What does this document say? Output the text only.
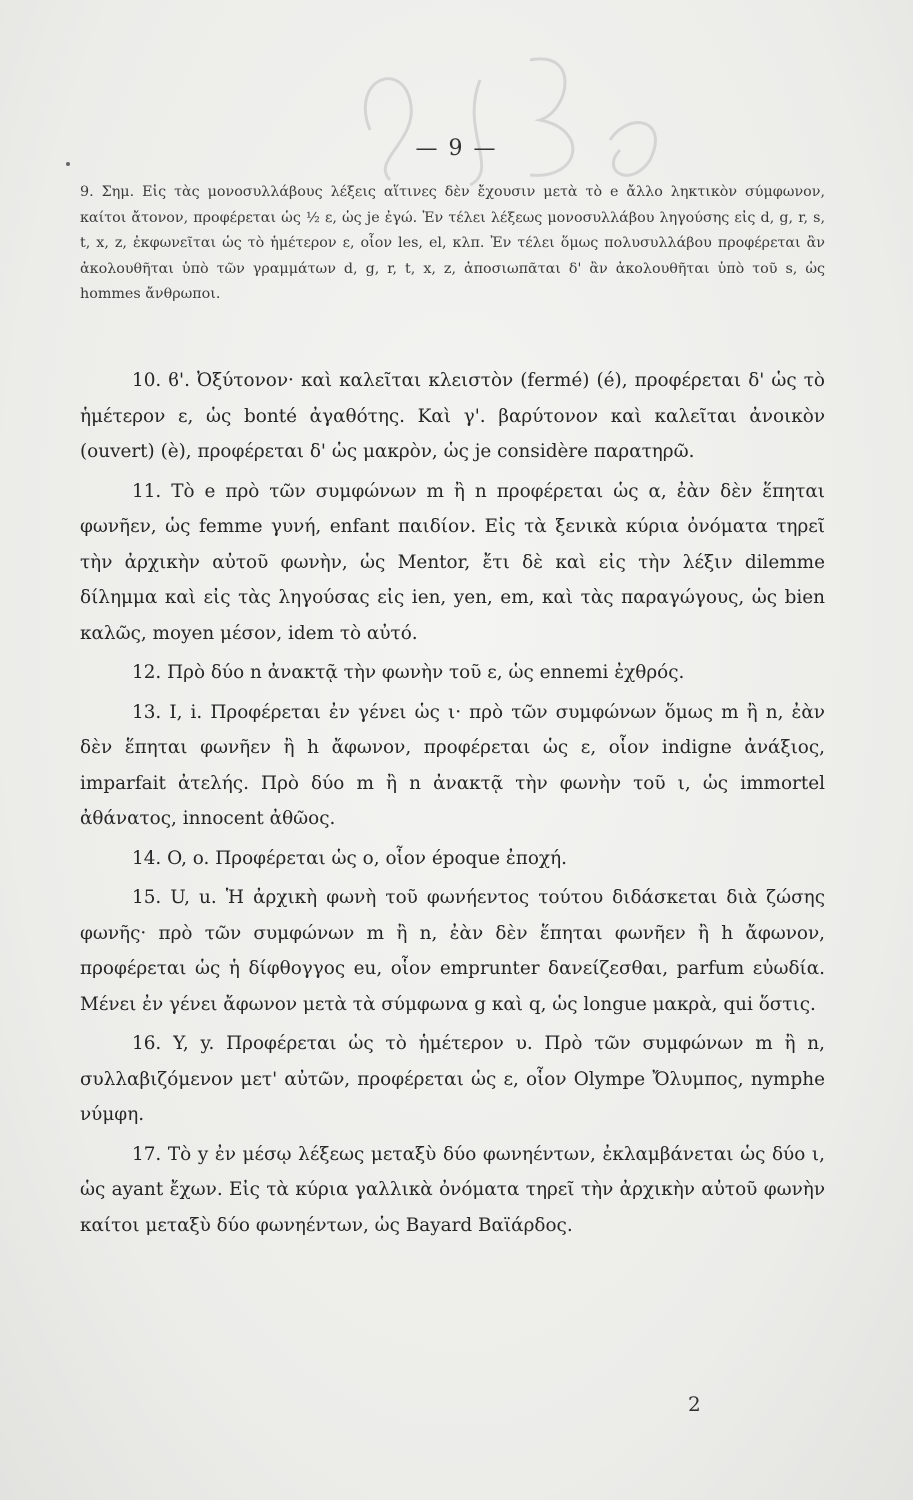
— 9 —

9. Σημ. Εἰς τὰς μονοσυλλάβους λέξεις αἵτινες δὲν ἔχουσιν μετὰ τὸ e ἄλλο ληκτικὸν σύμφωνον, καίτοι ἄτονον, προφέρεται ὡς ½ ε, ὡς je ἐγώ. Ἐν τέλει λέξεως μονοσυλλάβου ληγούσης εἰς d, g, r, s, t, x, z, ἐκφωνεῖται ὡς τὸ ἡμέτερον ε, οἷον les, el, κλπ. Ἐν τέλει ὅμως πολυσυλλάβου προφέρεται ἂν ἀκολουθῆται ὑπὸ τῶν γραμμάτων d, g, r, t, x, z, ἀποσιωπᾶται δ' ἂν ἀκολουθῆται ὑπὸ τοῦ s, ὡς hommes ἄνθρωποι.

10. ϐ'. Ὀξύτονον· καὶ καλεῖται κλειστὸν (fermé) (é), προφέρεται δ' ὡς τὸ ἡμέτερον ε, ὡς bonté ἀγαθότης. Καὶ γ'. βαρύτονον καὶ καλεῖται ἀνοικὸν (ouvert) (è), προφέρεται δ' ὡς μακρὸν, ὡς je considère παρατηρῶ.

11. Τὸ e πρὸ τῶν συμφώνων m ἢ n προφέρεται ὡς α, ἐὰν δὲν ἕπηται φωνῆεν, ὡς femme γυνή, enfant παιδίον. Εἰς τὰ ξενικὰ κύρια ὀνόματα τηρεῖ τὴν ἀρχικὴν αὐτοῦ φωνὴν, ὡς Mentor, ἔτι δὲ καὶ εἰς τὴν λέξιν dilemme δίλημμα καὶ εἰς τὰς ληγούσας εἰς ien, yen, em, καὶ τὰς παραγώγους, ὡς bien καλῶς, moyen μέσον, idem τὸ αὐτό.

12. Πρὸ δύο n ἀνακτᾷ τὴν φωνὴν τοῦ ε, ὡς ennemi ἐχθρός.

13. I, i. Προφέρεται ἐν γένει ὡς ι· πρὸ τῶν συμφώνων ὅμως m ἢ n, ἐὰν δὲν ἕπηται φωνῆεν ἢ h ἄφωνον, προφέρεται ὡς ε, οἷον indigne ἀνάξιος, imparfait ἀτελής. Πρὸ δύο m ἢ n ἀνακτᾷ τὴν φωνὴν τοῦ ι, ὡς immortel ἀθάνατος, innocent ἀθῶος.

14. O, o. Προφέρεται ὡς ο, οἷον époque ἐποχή.

15. U, u. Ἡ ἀρχικὴ φωνὴ τοῦ φωνήεντος τούτου διδάσκεται διὰ ζώσης φωνῆς· πρὸ τῶν συμφώνων m ἢ n, ἐὰν δὲν ἕπηται φωνῆεν ἢ h ἄφωνον, προφέρεται ὡς ἡ δίφθογγος eu, οἷον emprunter δανείζεσθαι, parfum εὐωδία. Μένει ἐν γένει ἄφωνον μετὰ τὰ σύμφωνα g καὶ q, ὡς longue μακρὰ, qui ὅστις.

16. Y, y. Προφέρεται ὡς τὸ ἡμέτερον υ. Πρὸ τῶν συμφώνων m ἢ n, συλλαβιζόμενον μετ' αὐτῶν, προφέρεται ὡς ε, οἷον Olympe Ὄλυμπος, nymphe νύμφη.

17. Τὸ y ἐν μέσῳ λέξεως μεταξὺ δύο φωνηέντων, ἐκλαμβάνεται ὡς δύο ι, ὡς ayant ἔχων. Εἰς τὰ κύρια γαλλικὰ ὀνόματα τηρεῖ τὴν ἀρχικὴν αὐτοῦ φωνὴν καίτοι μεταξὺ δύο φωνηέντων, ὡς Bayard Βαϊάρδος.

2
